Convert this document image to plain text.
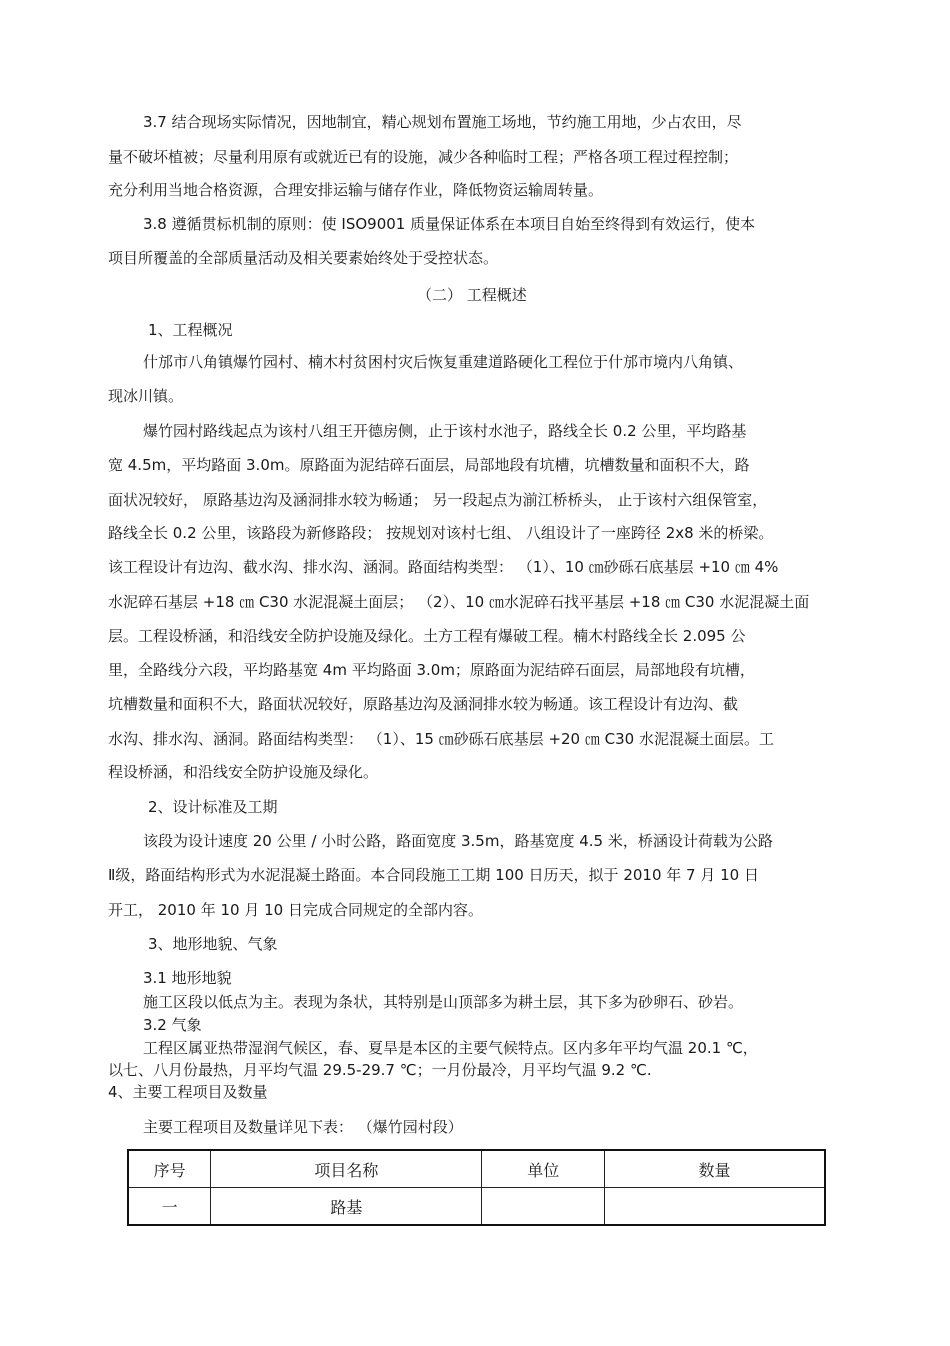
3.7 结合现场实际情况，因地制宜，精心规划布置施工场地，节约施工用地，少占农田，尽
量不破坏植被；尽量利用原有或就近已有的设施，减少各种临时工程；严格各项工程过程控制；
充分利用当地合格资源，合理安排运输与储存作业，降低物资运输周转量。
3.8 遵循贯标机制的原则：使 ISO9001 质量保证体系在本项目自始至终得到有效运行，使本
项目所覆盖的全部质量活动及相关要素始终处于受控状态。
（二） 工程概述
1、工程概况
什邡市八角镇爆竹园村、楠木村贫困村灾后恢复重建道路硬化工程位于什邡市境内八角镇、
现冰川镇。
爆竹园村路线起点为该村八组王开德房侧，止于该村水池子，路线全长 0.2 公里，平均路基
宽 4.5m，平均路面 3.0m。原路面为泥结碎石面层，局部地段有坑槽，坑槽数量和面积不大，路
面状况较好， 原路基边沟及涵洞排水较为畅通； 另一段起点为湔江桥桥头， 止于该村六组保管室，
路线全长 0.2 公里，该路段为新修路段； 按规划对该村七组、 八组设计了一座跨径 2x8 米的桥梁。
该工程设计有边沟、截水沟、排水沟、涵洞。路面结构类型： （1）、10 ㎝砂砾石底基层 +10 ㎝ 4%
水泥碎石基层 +18 ㎝ C30 水泥混凝土面层； （2）、10 ㎝水泥碎石找平基层 +18 ㎝ C30 水泥混凝土面
层。工程设桥涵，和沿线安全防护设施及绿化。土方工程有爆破工程。楠木村路线全长 2.095 公
里，全路线分六段，平均路基宽 4m 平均路面 3.0m；原路面为泥结碎石面层，局部地段有坑槽，
坑槽数量和面积不大，路面状况较好，原路基边沟及涵洞排水较为畅通。该工程设计有边沟、截
水沟、排水沟、涵洞。路面结构类型： （1）、15 ㎝砂砾石底基层 +20 ㎝ C30 水泥混凝土面层。工
程设桥涵，和沿线安全防护设施及绿化。
2、设计标准及工期
该段为设计速度 20 公里 / 小时公路，路面宽度 3.5m，路基宽度 4.5 米，桥涵设计荷载为公路
Ⅱ级，路面结构形式为水泥混凝土路面。本合同段施工工期 100 日历天，拟于 2010 年 7 月 10 日
开工， 2010 年 10 月 10 日完成合同规定的全部内容。
3、地形地貌、气象
3.1 地形地貌
施工区段以低点为主。表现为条状，其特别是山顶部多为耕土层，其下多为砂卵石、砂岩。
3.2 气象
工程区属亚热带湿润气候区，春、夏旱是本区的主要气候特点。区内多年平均气温 20.1 ℃，
以七、八月份最热，月平均气温 29.5-29.7 ℃；一月份最冷，月平均气温 9.2 ℃.
4、主要工程项目及数量
主要工程项目及数量详见下表： （爆竹园村段）
序号	项目名称	单位	数量
一	路基		
